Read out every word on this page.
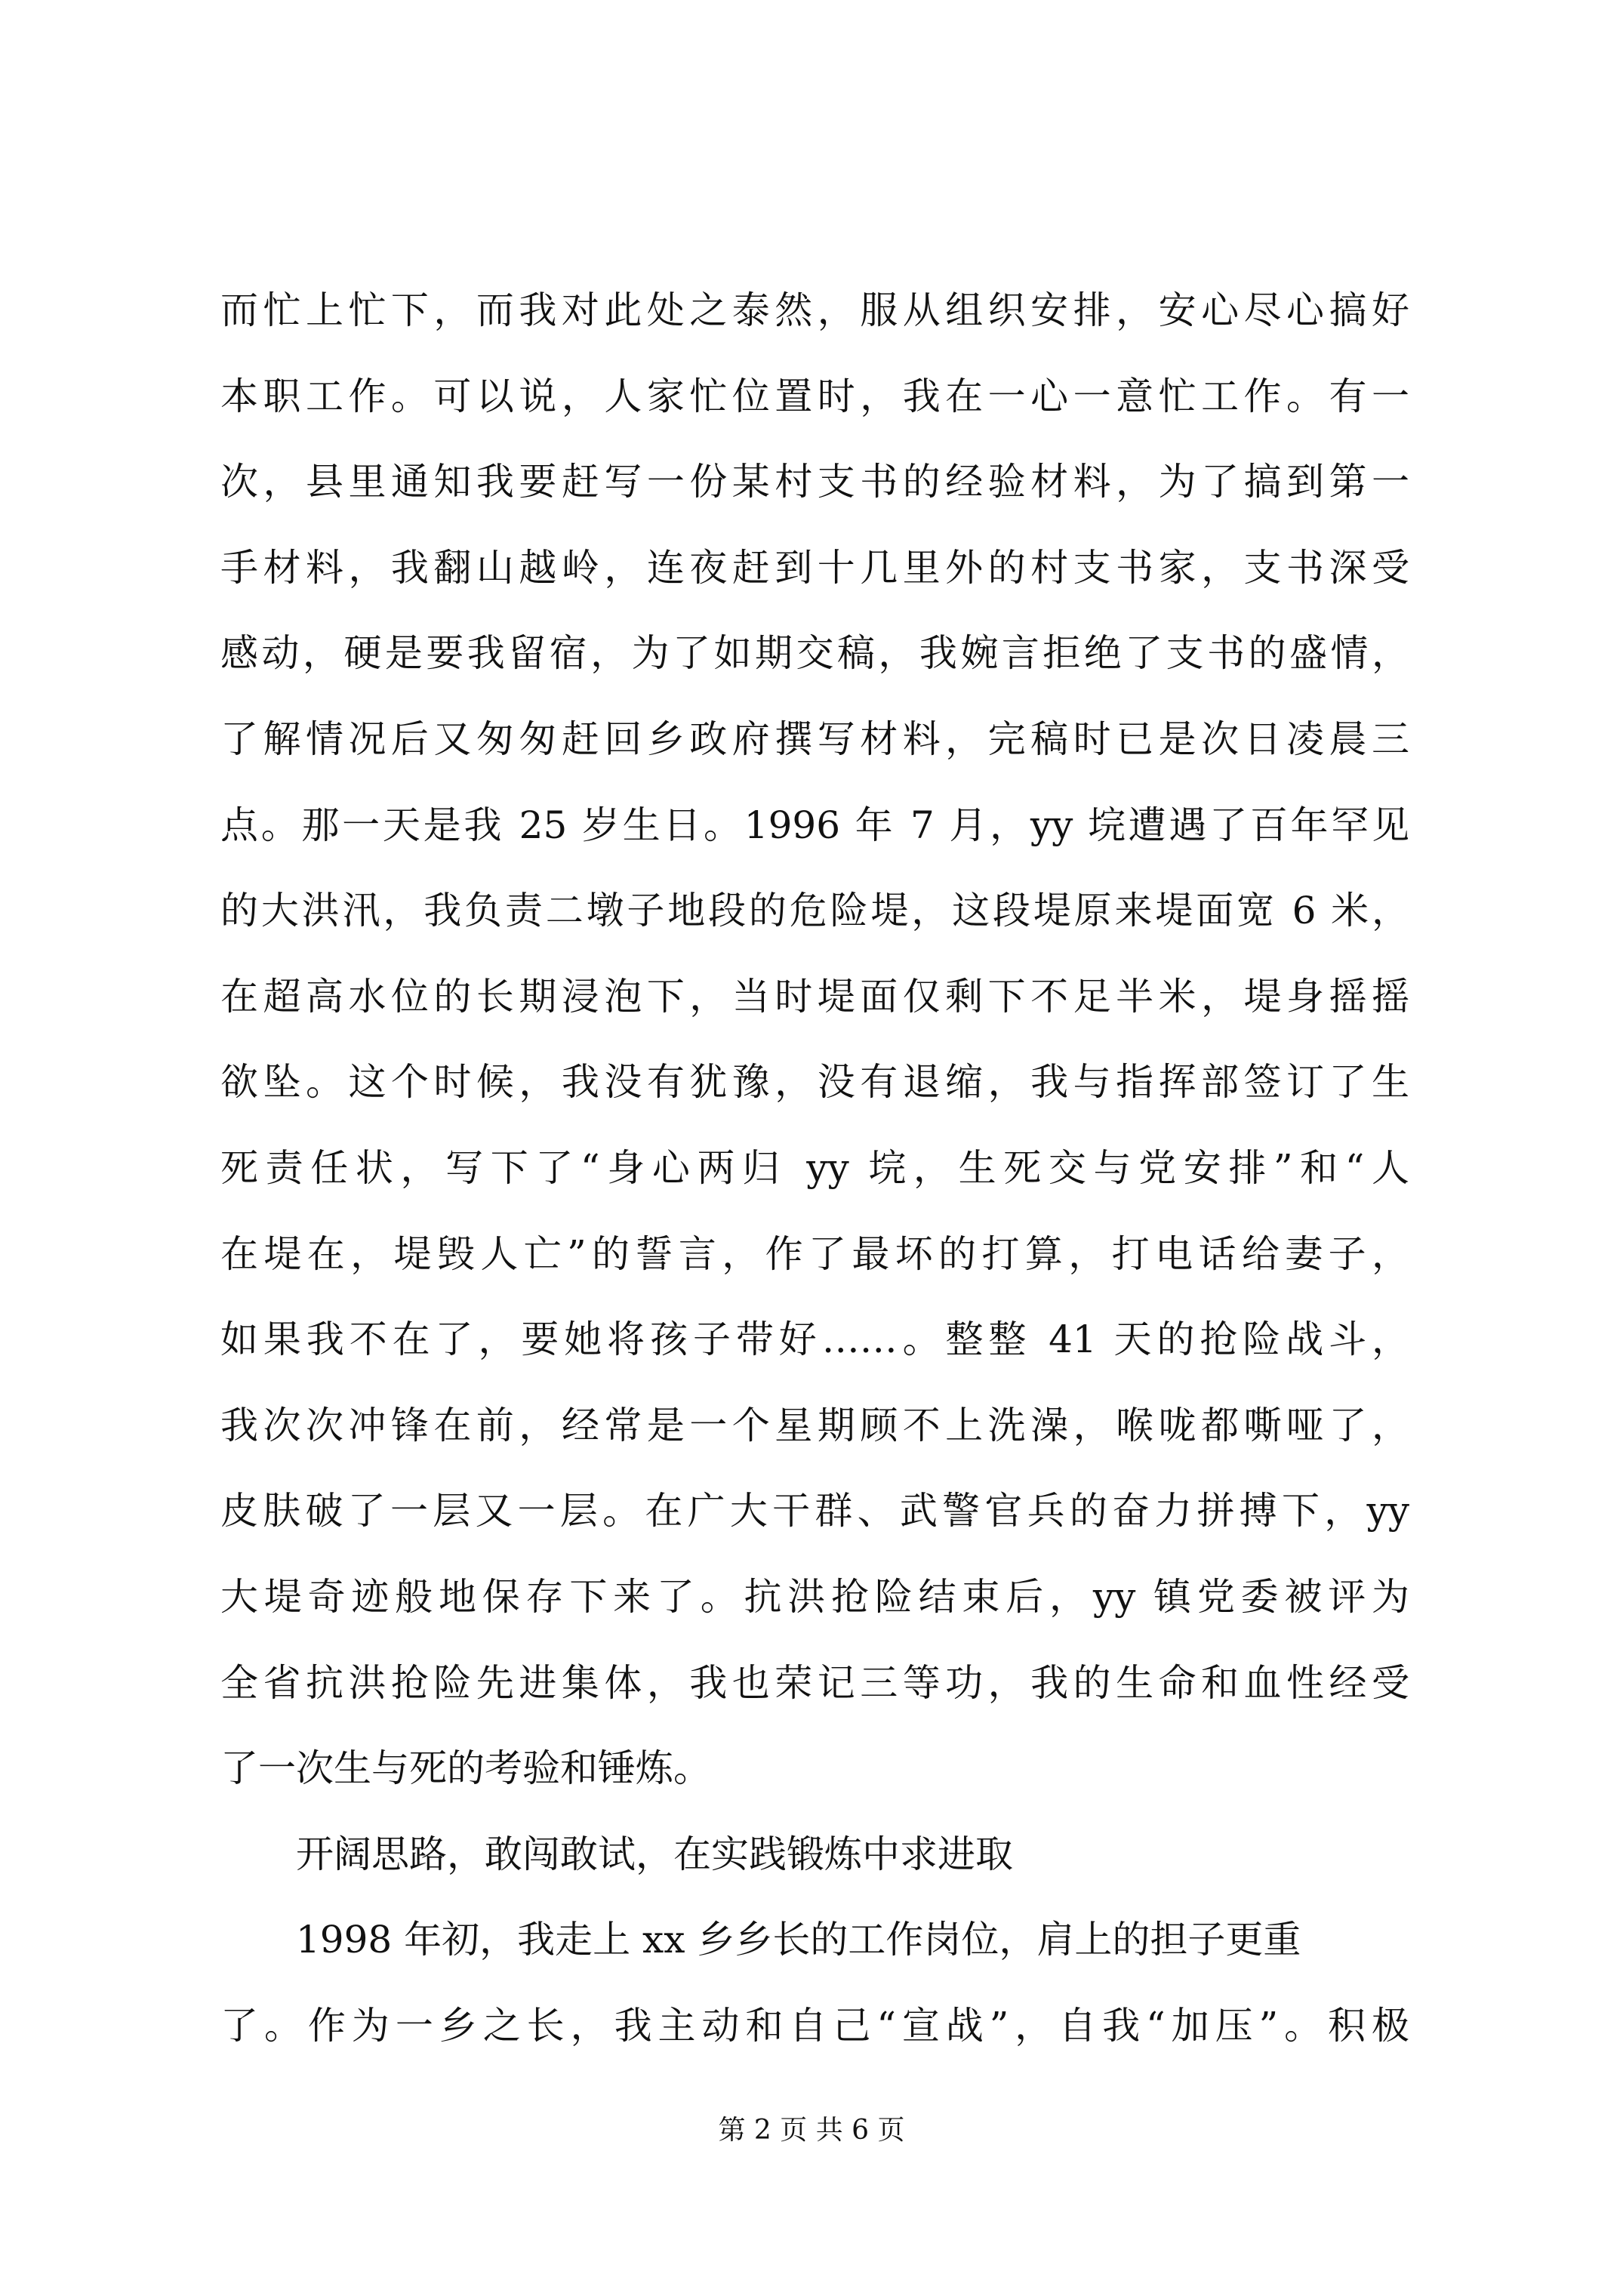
而忙上忙下，而我对此处之泰然，服从组织安排，安心尽心搞好
本职工作。可以说，人家忙位置时，我在一心一意忙工作。有一
次，县里通知我要赶写一份某村支书的经验材料，为了搞到第一
手材料，我翻山越岭，连夜赶到十几里外的村支书家，支书深受
感动，硬是要我留宿，为了如期交稿，我婉言拒绝了支书的盛情，
了解情况后又匆匆赶回乡政府撰写材料，完稿时已是次日凌晨三
点。那一天是我 25 岁生日。1996 年 7 月，yy 垸遭遇了百年罕见
的大洪汛，我负责二墩子地段的危险堤，这段堤原来堤面宽 6 米，
在超高水位的长期浸泡下，当时堤面仅剩下不足半米，堤身摇摇
欲坠。这个时候，我没有犹豫，没有退缩，我与指挥部签订了生
死责任状，写下了“身心两归 yy 垸，生死交与党安排”和“人
在堤在，堤毁人亡”的誓言，作了最坏的打算，打电话给妻子，
如果我不在了，要她将孩子带好……。整整 41 天的抢险战斗，
我次次冲锋在前，经常是一个星期顾不上洗澡，喉咙都嘶哑了，
皮肤破了一层又一层。在广大干群、武警官兵的奋力拼搏下，yy
大堤奇迹般地保存下来了。抗洪抢险结束后，yy 镇党委被评为
全省抗洪抢险先进集体，我也荣记三等功，我的生命和血性经受
了一次生与死的考验和锤炼。
开阔思路，敢闯敢试，在实践锻炼中求进取
1998 年初，我走上 xx 乡乡长的工作岗位，肩上的担子更重
了。作为一乡之长，我主动和自己“宣战”，自我“加压”。积极
第 2 页 共 6 页
